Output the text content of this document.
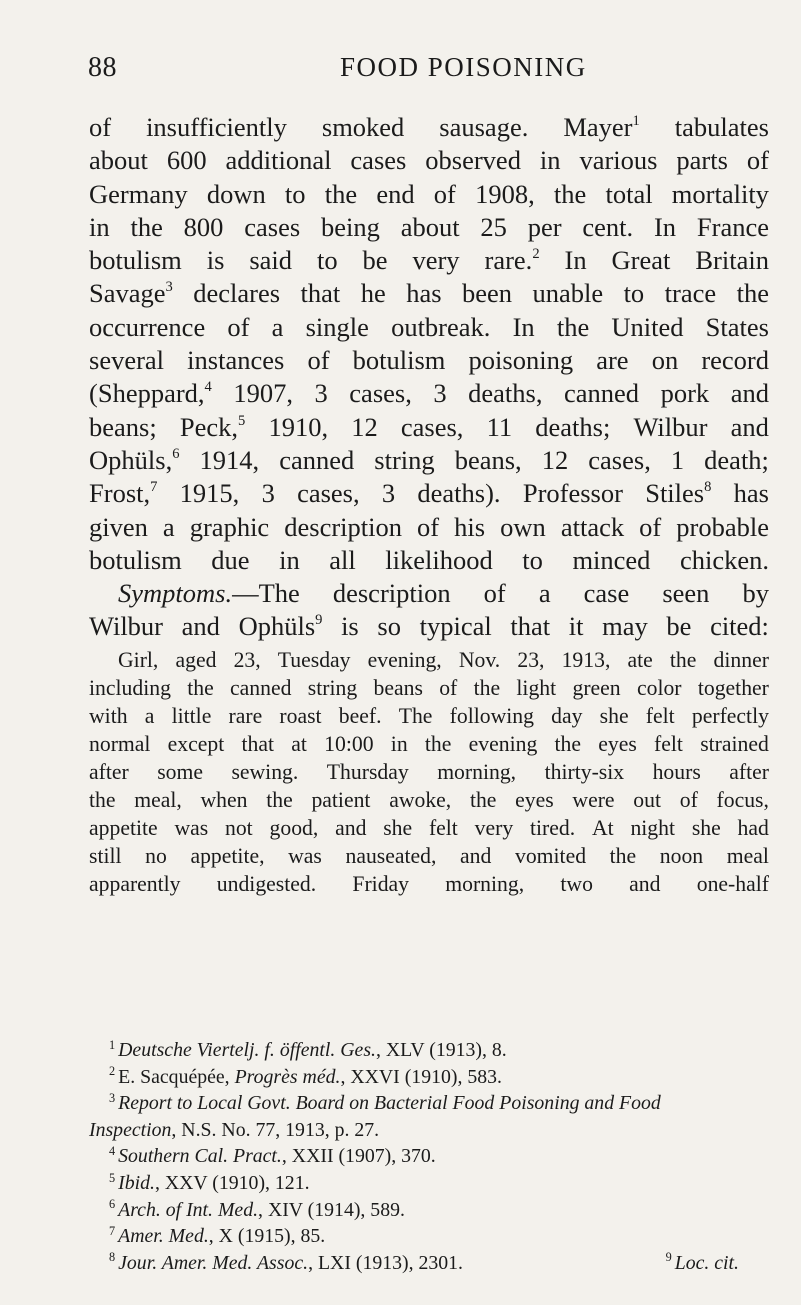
88	FOOD POISONING
of insufficiently smoked sausage. Mayer$^1$ tabulates
about 600 additional cases observed in various parts of
Germany down to the end of 1908, the total mortality
in the 800 cases being about 25 per cent. In France
botulism is said to be very rare.$^2$ In Great Britain
Savage$^3$ declares that he has been unable to trace the
occurrence of a single outbreak. In the United States
several instances of botulism poisoning are on record
(Sheppard,$^4$ 1907, 3 cases, 3 deaths, canned pork and
beans; Peck,$^5$ 1910, 12 cases, 11 deaths; Wilbur and
Ophüls,$^6$ 1914, canned string beans, 12 cases, 1 death;
Frost,$^7$ 1915, 3 cases, 3 deaths). Professor Stiles$^8$ has
given a graphic description of his own attack of probable
botulism due in all likelihood to minced chicken.
Symptoms.—The description of a case seen by
Wilbur and Ophüls$^9$ is so typical that it may be cited:
Girl, aged 23, Tuesday evening, Nov. 23, 1913, ate the dinner
including the canned string beans of the light green color together
with a little rare roast beef. The following day she felt perfectly
normal except that at 10:00 in the evening the eyes felt strained
after some sewing. Thursday morning, thirty-six hours after
the meal, when the patient awoke, the eyes were out of focus,
appetite was not good, and she felt very tired. At night she had
still no appetite, was nauseated, and vomited the noon meal
apparently undigested. Friday morning, two and one-half
$^1$ Deutsche Viertelj. f. öffentl. Ges., XLV (1913), 8.
$^2$ E. Sacquépée, Progrès méd., XXVI (1910), 583.
$^3$ Report to Local Govt. Board on Bacterial Food Poisoning and Food
Inspection, N.S. No. 77, 1913, p. 27.
$^4$ Southern Cal. Pract., XXII (1907), 370.
$^5$ Ibid., XXV (1910), 121.
$^6$ Arch. of Int. Med., XIV (1914), 589.
$^7$ Amer. Med., X (1915), 85.
$^8$ Jour. Amer. Med. Assoc., LXI (1913), 2301.	$^9$ Loc. cit.
